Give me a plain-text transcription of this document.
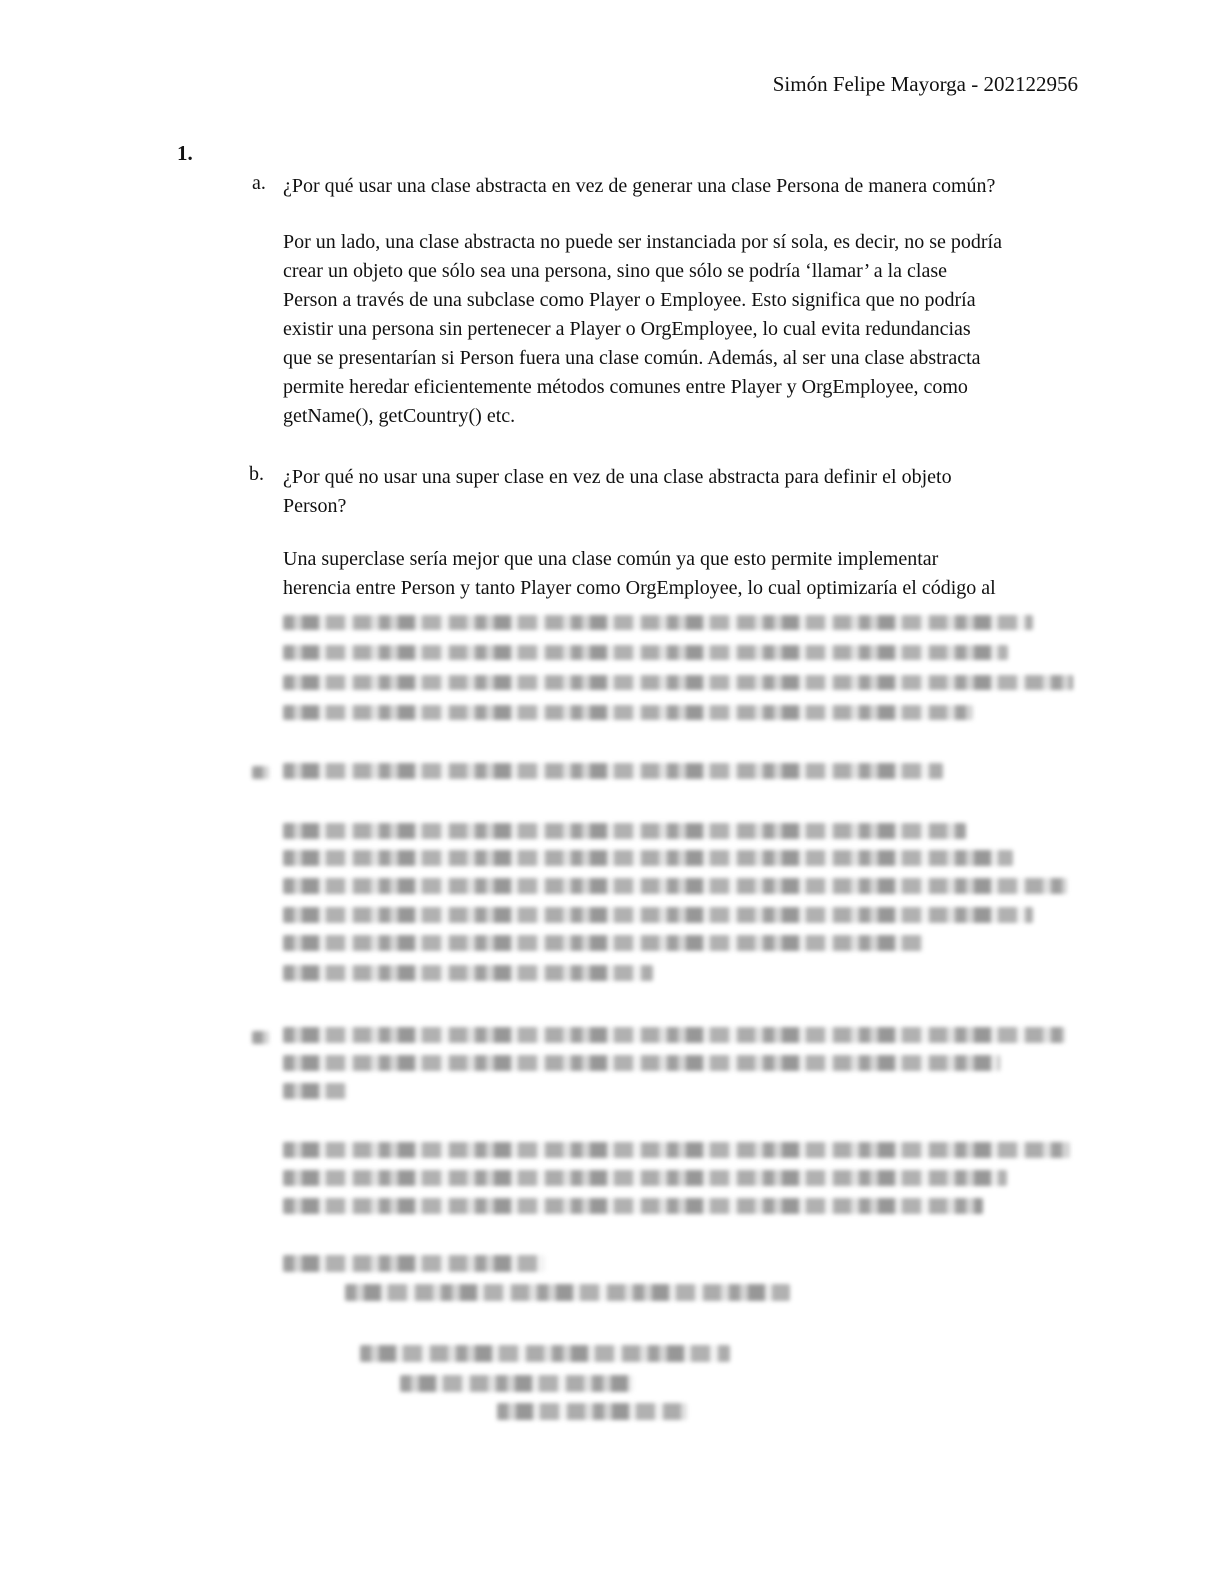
Simón Felipe Mayorga - 202122956
1.
a. ¿Por qué usar una clase abstracta en vez de generar una clase Persona de manera común?
Por un lado, una clase abstracta no puede ser instanciada por sí sola, es decir, no se podría
crear un objeto que sólo sea una persona, sino que sólo se podría ‘llamar’ a la clase
Person a través de una subclase como Player o Employee. Esto significa que no podría
existir una persona sin pertenecer a Player o OrgEmployee, lo cual evita redundancias
que se presentarían si Person fuera una clase común. Además, al ser una clase abstracta
permite heredar eficientemente métodos comunes entre Player y OrgEmployee, como
getName(), getCountry() etc.
b. ¿Por qué no usar una super clase en vez de una clase abstracta para definir el objeto
Person?
Una superclase sería mejor que una clase común ya que esto permite implementar
herencia entre Person y tanto Player como OrgEmployee, lo cual optimizaría el código al
